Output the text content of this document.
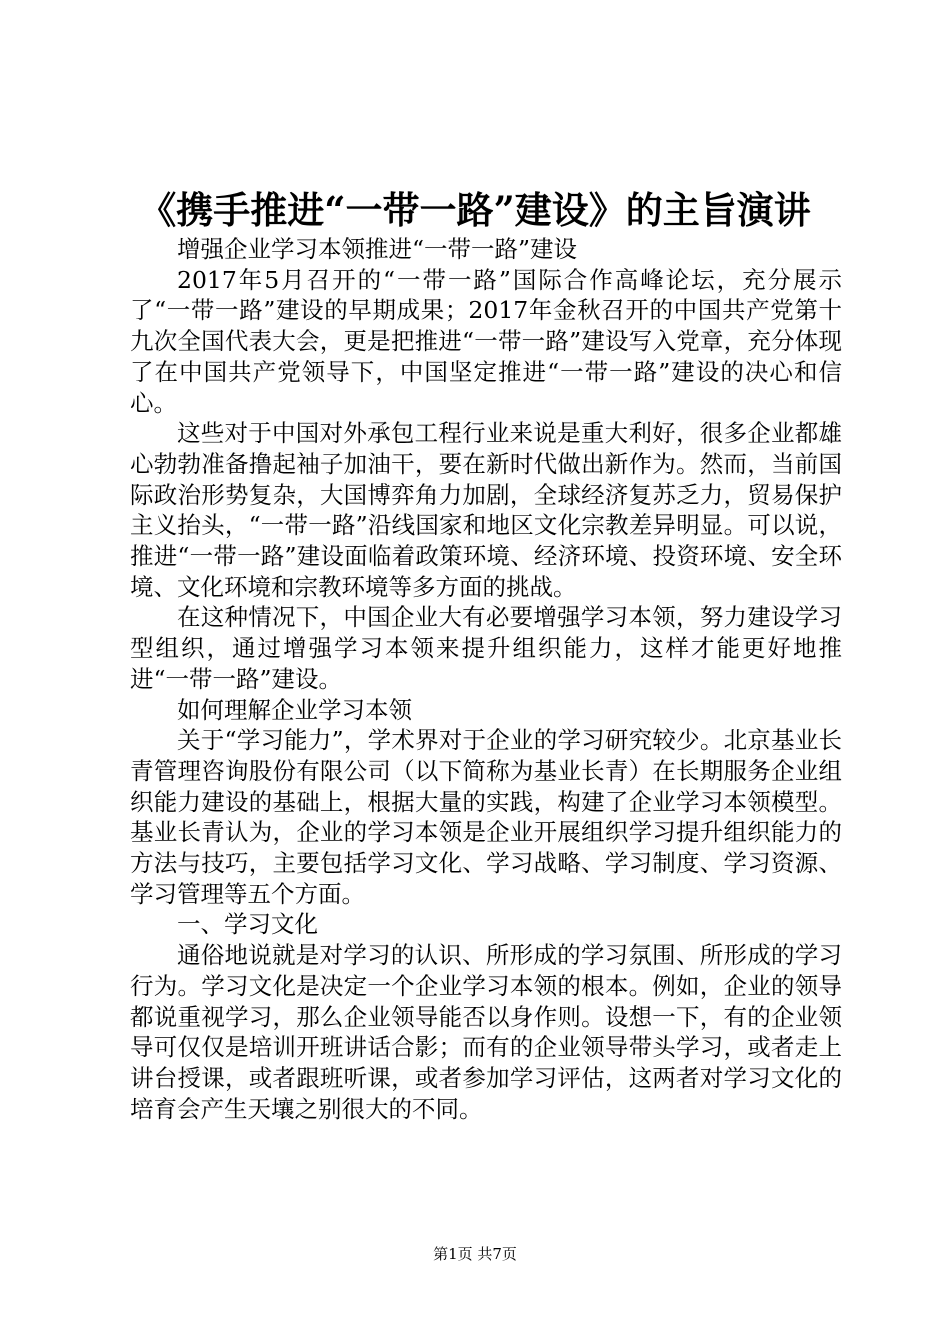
《携手推进“一带一路”建设》的主旨演讲

增强企业学习本领推进“一带一路”建设

2017年5月召开的“一带一路”国际合作高峰论坛，充分展示了“一带一路”建设的早期成果；2017年金秋召开的中国共产党第十九次全国代表大会，更是把推进“一带一路”建设写入党章，充分体现了在中国共产党领导下，中国坚定推进“一带一路”建设的决心和信心。

这些对于中国对外承包工程行业来说是重大利好，很多企业都雄心勃勃准备撸起袖子加油干，要在新时代做出新作为。然而，当前国际政治形势复杂，大国博弈角力加剧，全球经济复苏乏力，贸易保护主义抬头，“一带一路”沿线国家和地区文化宗教差异明显。可以说，推进“一带一路”建设面临着政策环境、经济环境、投资环境、安全环境、文化环境和宗教环境等多方面的挑战。

在这种情况下，中国企业大有必要增强学习本领，努力建设学习型组织，通过增强学习本领来提升组织能力，这样才能更好地推进“一带一路”建设。

如何理解企业学习本领

关于“学习能力”，学术界对于企业的学习研究较少。北京基业长青管理咨询股份有限公司（以下简称为基业长青）在长期服务企业组织能力建设的基础上，根据大量的实践，构建了企业学习本领模型。基业长青认为，企业的学习本领是企业开展组织学习提升组织能力的方法与技巧，主要包括学习文化、学习战略、学习制度、学习资源、学习管理等五个方面。

一、学习文化

通俗地说就是对学习的认识、所形成的学习氛围、所形成的学习行为。学习文化是决定一个企业学习本领的根本。例如，企业的领导都说重视学习，那么企业领导能否以身作则。设想一下，有的企业领导可仅仅是培训开班讲话合影；而有的企业领导带头学习，或者走上讲台授课，或者跟班听课，或者参加学习评估，这两者对学习文化的培育会产生天壤之别很大的不同。

第1页 共7页
